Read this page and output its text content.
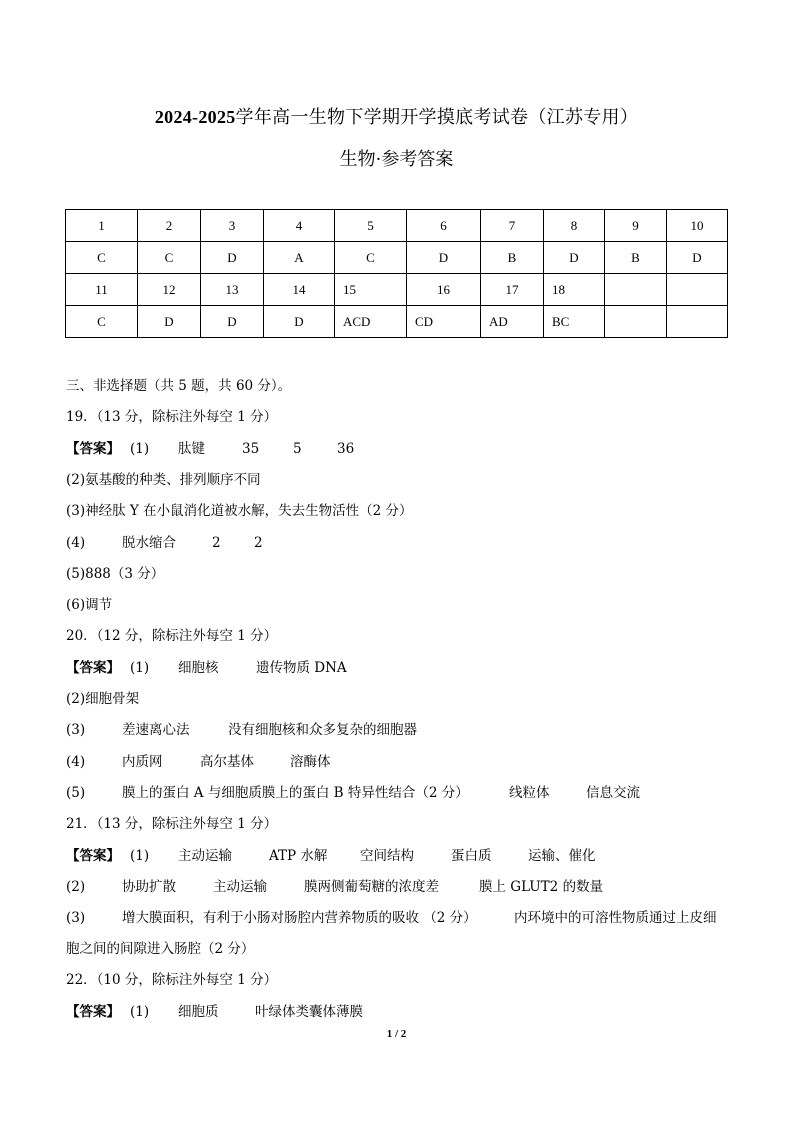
2024-2025学年高一生物下学期开学摸底考试卷（江苏专用）
生物·参考答案
1	2	3	4	5	6	7	8	9	10
C	C	D	A	C	D	B	D	B	D
11	12	13	14	15	16	17	18		
C	D	D	D	ACD	CD	AD	BC		
三、非选择题（共 5 题，共 60 分）。
19．（13 分，除标注外每空 1 分）
【答案】 (1) 肽键	35	5	36
(2)氨基酸的种类、排列顺序不同
(3)神经肽 Y 在小鼠消化道被水解，失去生物活性（2 分）
(4)	脱水缩合	2 2
(5)888（3 分）
(6)调节
20．（12 分，除标注外每空 1 分）
【答案】 (1) 细胞核	遗传物质 DNA
(2)细胞骨架
(3)	差速离心法	没有细胞核和众多复杂的细胞器
(4)	内质网	高尔基体	溶酶体
(5)	膜上的蛋白 A 与细胞质膜上的蛋白 B 特异性结合（2 分）	线粒体	信息交流
21．（13 分，除标注外每空 1 分）
【答案】 (1) 主动运输	ATP 水解 空间结构	蛋白质	运输、催化
(2)	协助扩散	主动运输	膜两侧葡萄糖的浓度差	膜上 GLUT2 的数量
(3)	增大膜面积，有利于小肠对肠腔内营养物质的吸收 （2 分）	内环境中的可溶性物质通过上皮细
胞之间的间隙进入肠腔（2 分）
22．（10 分，除标注外每空 1 分）
【答案】 (1) 细胞质	叶绿体类囊体薄膜
1 / 2
